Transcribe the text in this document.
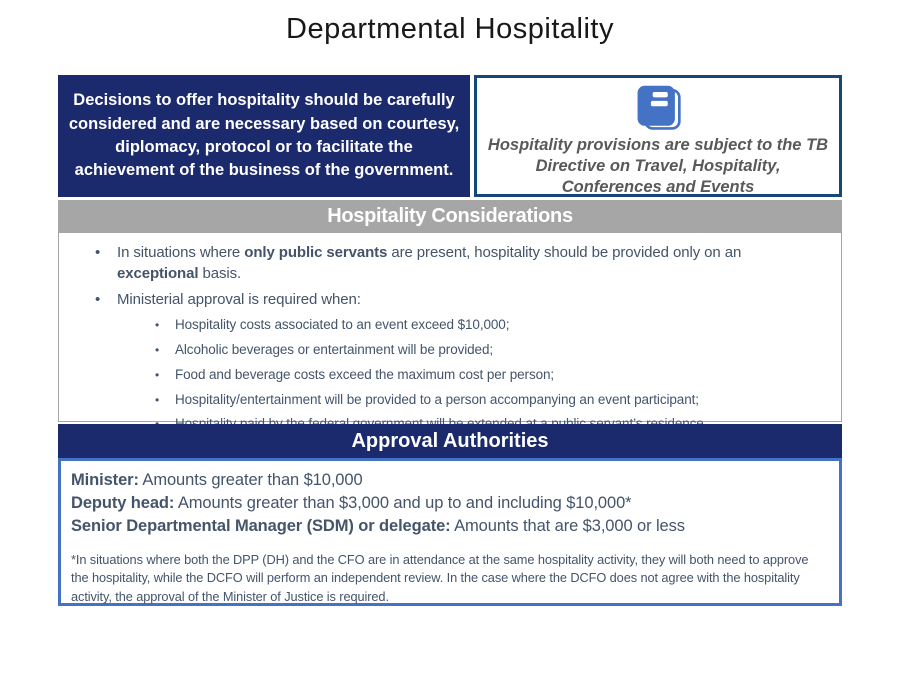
Departmental Hospitality
Decisions to offer hospitality should be carefully considered and are necessary based on courtesy, diplomacy, protocol or to facilitate the achievement of the business of the government.
Hospitality provisions are subject to the TB Directive on Travel, Hospitality, Conferences and Events
Hospitality Considerations
• In situations where only public servants are present, hospitality should be provided only on an exceptional basis.
• Ministerial approval is required when:
• Hospitality costs associated to an event exceed $10,000;
• Alcoholic beverages or entertainment will be provided;
• Food and beverage costs exceed the maximum cost per person;
• Hospitality/entertainment will be provided to a person accompanying an event participant;
•
Approval Authorities
Minister: Amounts greater than $10,000
Deputy head: Amounts greater than $3,000 and up to and including $10,000*
Senior Departmental Manager (SDM) or delegate: Amounts that are $3,000 or less
*In situations where both the DPP (DH) and the CFO are in attendance at the same hospitality activity, they will both need to approve the hospitality, while the DCFO will perform an independent review. In the case where the DCFO does not agree with the hospitality activity, the approval of the Minister of Justice is required.
